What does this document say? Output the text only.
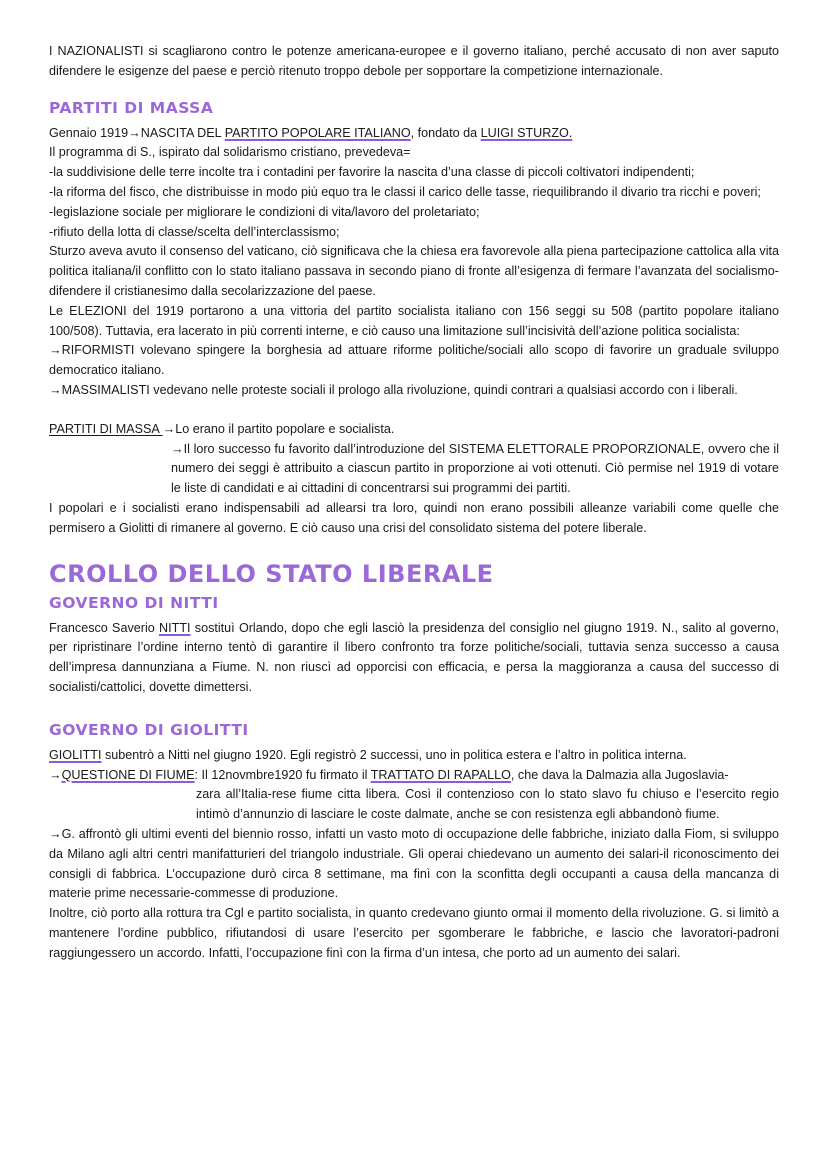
I NAZIONALISTI si scagliarono contro le potenze americana-europee e il governo italiano, perché accusato di non aver saputo difendere le esigenze del paese e perciò ritenuto troppo debole per sopportare la competizione internazionale.

PARTITI DI MASSA

Gennaio 1919→NASCITA DEL PARTITO POPOLARE ITALIANO, fondato da LUIGI STURZO.

Il programma di S., ispirato dal solidarismo cristiano, prevedeva=

-la suddivisione delle terre incolte tra i contadini per favorire la nascita d’una classe di piccoli coltivatori indipendenti;

-la riforma del fisco, che distribuisse in modo più equo tra le classi il carico delle tasse, riequilibrando il divario tra ricchi e poveri;

-legislazione sociale per migliorare le condizioni di vita/lavoro del proletariato;

-rifiuto della lotta di classe/scelta dell’interclassismo;

Sturzo aveva avuto il consenso del vaticano, ciò significava che la chiesa era favorevole alla piena partecipazione cattolica alla vita politica italiana/il conflitto con lo stato italiano passava in secondo piano di fronte all’esigenza di fermare l’avanzata del socialismo-difendere il cristianesimo dalla secolarizzazione del paese.

Le ELEZIONI del 1919 portarono a una vittoria del partito socialista italiano con 156 seggi su 508 (partito popolare italiano 100/508). Tuttavia, era lacerato in più correnti interne, e ciò causo una limitazione sull’incisività dell’azione politica socialista:

→RIFORMISTI volevano spingere la borghesia ad attuare riforme politiche/sociali allo scopo di favorire un graduale sviluppo democratico italiano.

→MASSIMALISTI vedevano nelle proteste sociali il prologo alla rivoluzione, quindi contrari a qualsiasi accordo con i liberali.

PARTITI DI MASSA →Lo erano il partito popolare e socialista.

→Il loro successo fu favorito dall’introduzione del SISTEMA ELETTORALE PROPORZIONALE, ovvero che il numero dei seggi è attribuito a ciascun partito in proporzione ai voti ottenuti. Ciò permise nel 1919 di votare le liste di candidati e ai cittadini di concentrarsi sui programmi dei partiti.

I popolari e i socialisti erano indispensabili ad allearsi tra loro, quindi non erano possibili alleanze variabili come quelle che permisero a Giolitti di rimanere al governo. E ciò causo una crisi del consolidato sistema del potere liberale.

CROLLO DELLO STATO LIBERALE
GOVERNO DI NITTI

Francesco Saverio NITTI sostituì Orlando, dopo che egli lasciò la presidenza del consiglio nel giugno 1919. N., salito al governo, per ripristinare l’ordine interno tentò di garantire il libero confronto tra forze politiche/sociali, tuttavia senza successo a causa dell’impresa dannunziana a Fiume. N. non riuscì ad opporcisi con efficacia, e persa la maggioranza a causa del successo di socialisti/cattolici, dovette dimettersi.

GOVERNO DI GIOLITTI

GIOLITTI subentrò a Nitti nel giugno 1920. Egli registrò 2 successi, uno in politica estera e l’altro in politica interna.

→QUESTIONE DI FIUME: Il 12novmbre1920 fu firmato il TRATTATO DI RAPALLO, che dava la Dalmazia alla Jugoslavia-

zara all’Italia-rese fiume citta libera. Così il contenzioso con lo stato slavo fu chiuso e l’esercito regio intimò d’annunzio di lasciare le coste dalmate, anche se con resistenza egli abbandonò fiume.

→G. affrontò gli ultimi eventi del biennio rosso, infatti un vasto moto di occupazione delle fabbriche, iniziato dalla Fiom, si sviluppo da Milano agli altri centri manifatturieri del triangolo industriale. Gli operai chiedevano un aumento dei salari-il riconoscimento dei consigli di fabbrica. L’occupazione durò circa 8 settimane, ma finì con la sconfitta degli occupanti a causa della mancanza di materie prime necessarie-commesse di produzione.

Inoltre, ciò porto alla rottura tra Cgl e partito socialista, in quanto credevano giunto ormai il momento della rivoluzione. G. si limitò a mantenere l’ordine pubblico, rifiutandosi di usare l’esercito per sgomberare le fabbriche, e lascio che lavoratori-padroni raggiungessero un accordo. Infatti, l’occupazione finì con la firma d’un intesa, che porto ad un aumento dei salari.
